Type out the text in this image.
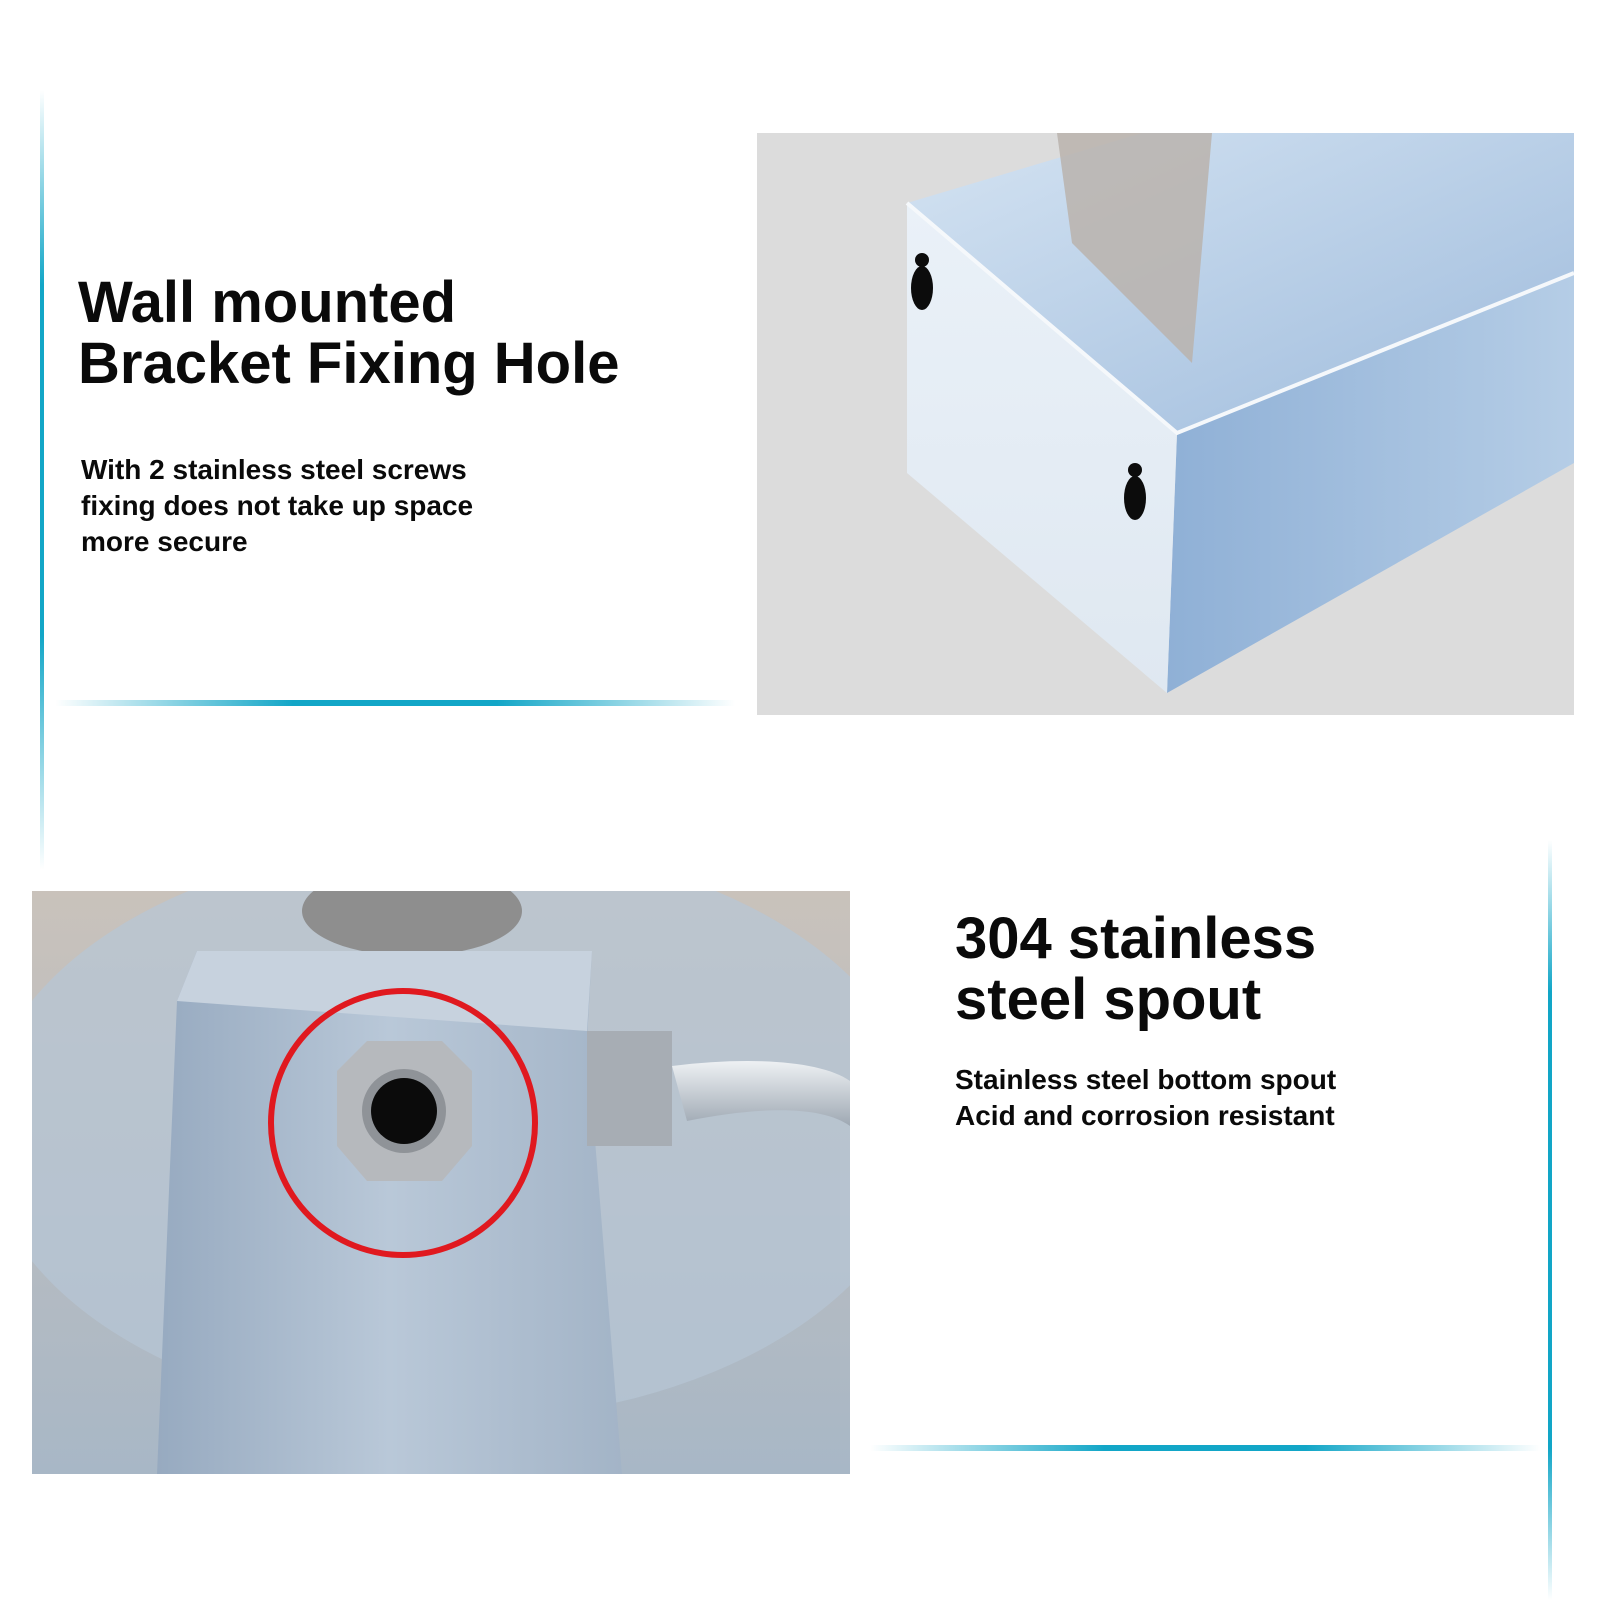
Wall mounted
Bracket Fixing Hole
With 2 stainless steel screws
fixing does not take up space
more secure
304 stainless
steel spout
Stainless steel bottom spout
Acid and corrosion resistant
